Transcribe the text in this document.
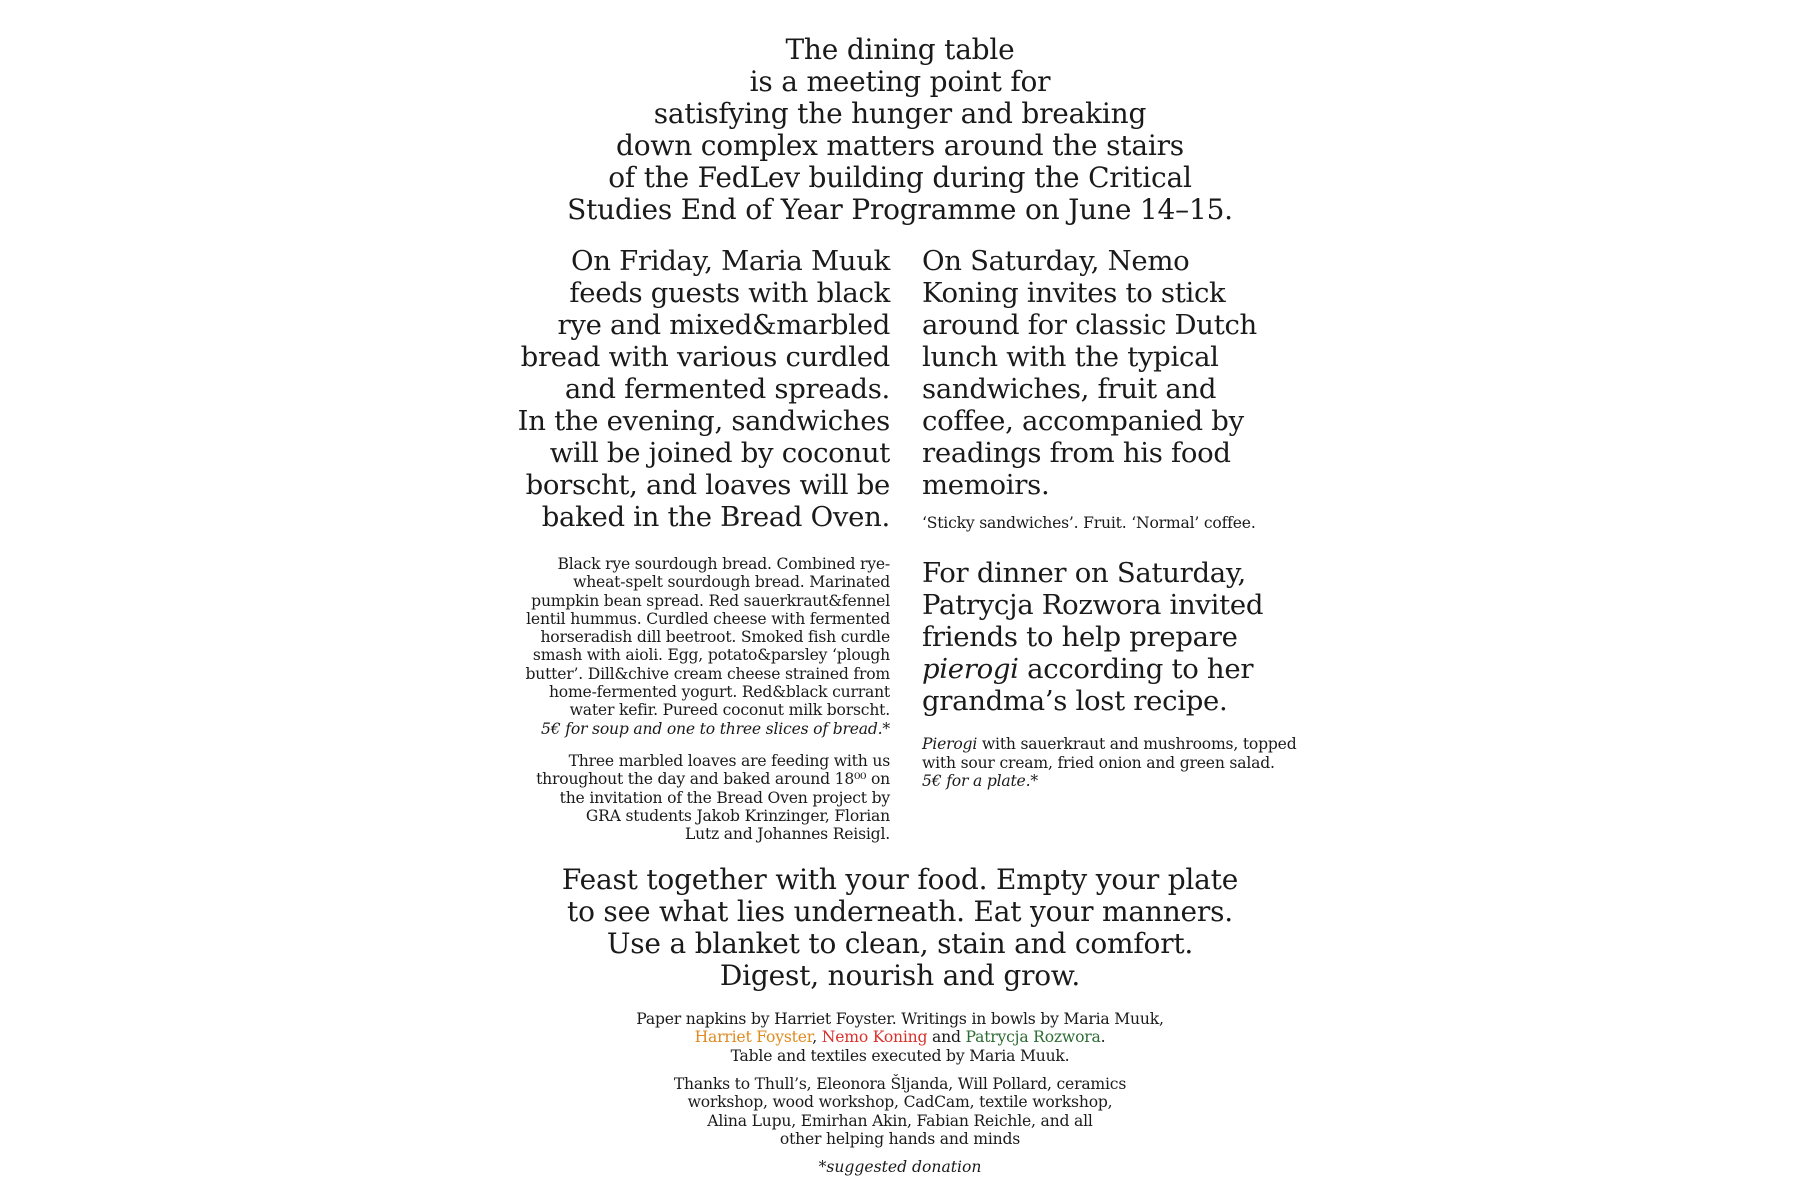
The dining table
is a meeting point for
satisfying the hunger and breaking
down complex matters around the stairs
of the FedLev building during the Critical
Studies End of Year Programme on June 14–15.
On Friday, Maria Muuk
feeds guests with black
rye and mixed&marbled
bread with various curdled
and fermented spreads.
In the evening, sandwiches
will be joined by coconut
borscht, and loaves will be
baked in the Bread Oven.
Black rye sourdough bread. Combined rye-
wheat-spelt sourdough bread. Marinated
pumpkin bean spread. Red sauerkraut&fennel
lentil hummus. Curdled cheese with fermented
horseradish dill beetroot. Smoked fish curdle
smash with aioli. Egg, potato&parsley ‘plough
butter’. Dill&chive cream cheese strained from
home-fermented yogurt. Red&black currant
water kefir. Pureed coconut milk borscht.
5€ for soup and one to three slices of bread.*
Three marbled loaves are feeding with us
throughout the day and baked around 18⁰⁰ on
the invitation of the Bread Oven project by
GRA students Jakob Krinzinger, Florian
Lutz and Johannes Reisigl.
On Saturday, Nemo
Koning invites to stick
around for classic Dutch
lunch with the typical
sandwiches, fruit and
coffee, accompanied by
readings from his food
memoirs.
‘Sticky sandwiches’. Fruit. ‘Normal’ coffee.
For dinner on Saturday,
Patrycja Rozwora invited
friends to help prepare
pierogi according to her
grandma’s lost recipe.
Pierogi with sauerkraut and mushrooms, topped
with sour cream, fried onion and green salad.
5€ for a plate.*
Feast together with your food. Empty your plate
to see what lies underneath. Eat your manners.
Use a blanket to clean, stain and comfort.
Digest, nourish and grow.
Paper napkins by Harriet Foyster. Writings in bowls by Maria Muuk,
Harriet Foyster, Nemo Koning and Patrycja Rozwora.
Table and textiles executed by Maria Muuk.
Thanks to Thull’s, Eleonora Šljanda, Will Pollard, ceramics
workshop, wood workshop, CadCam, textile workshop,
Alina Lupu, Emirhan Akin, Fabian Reichle, and all
other helping hands and minds
*suggested donation
